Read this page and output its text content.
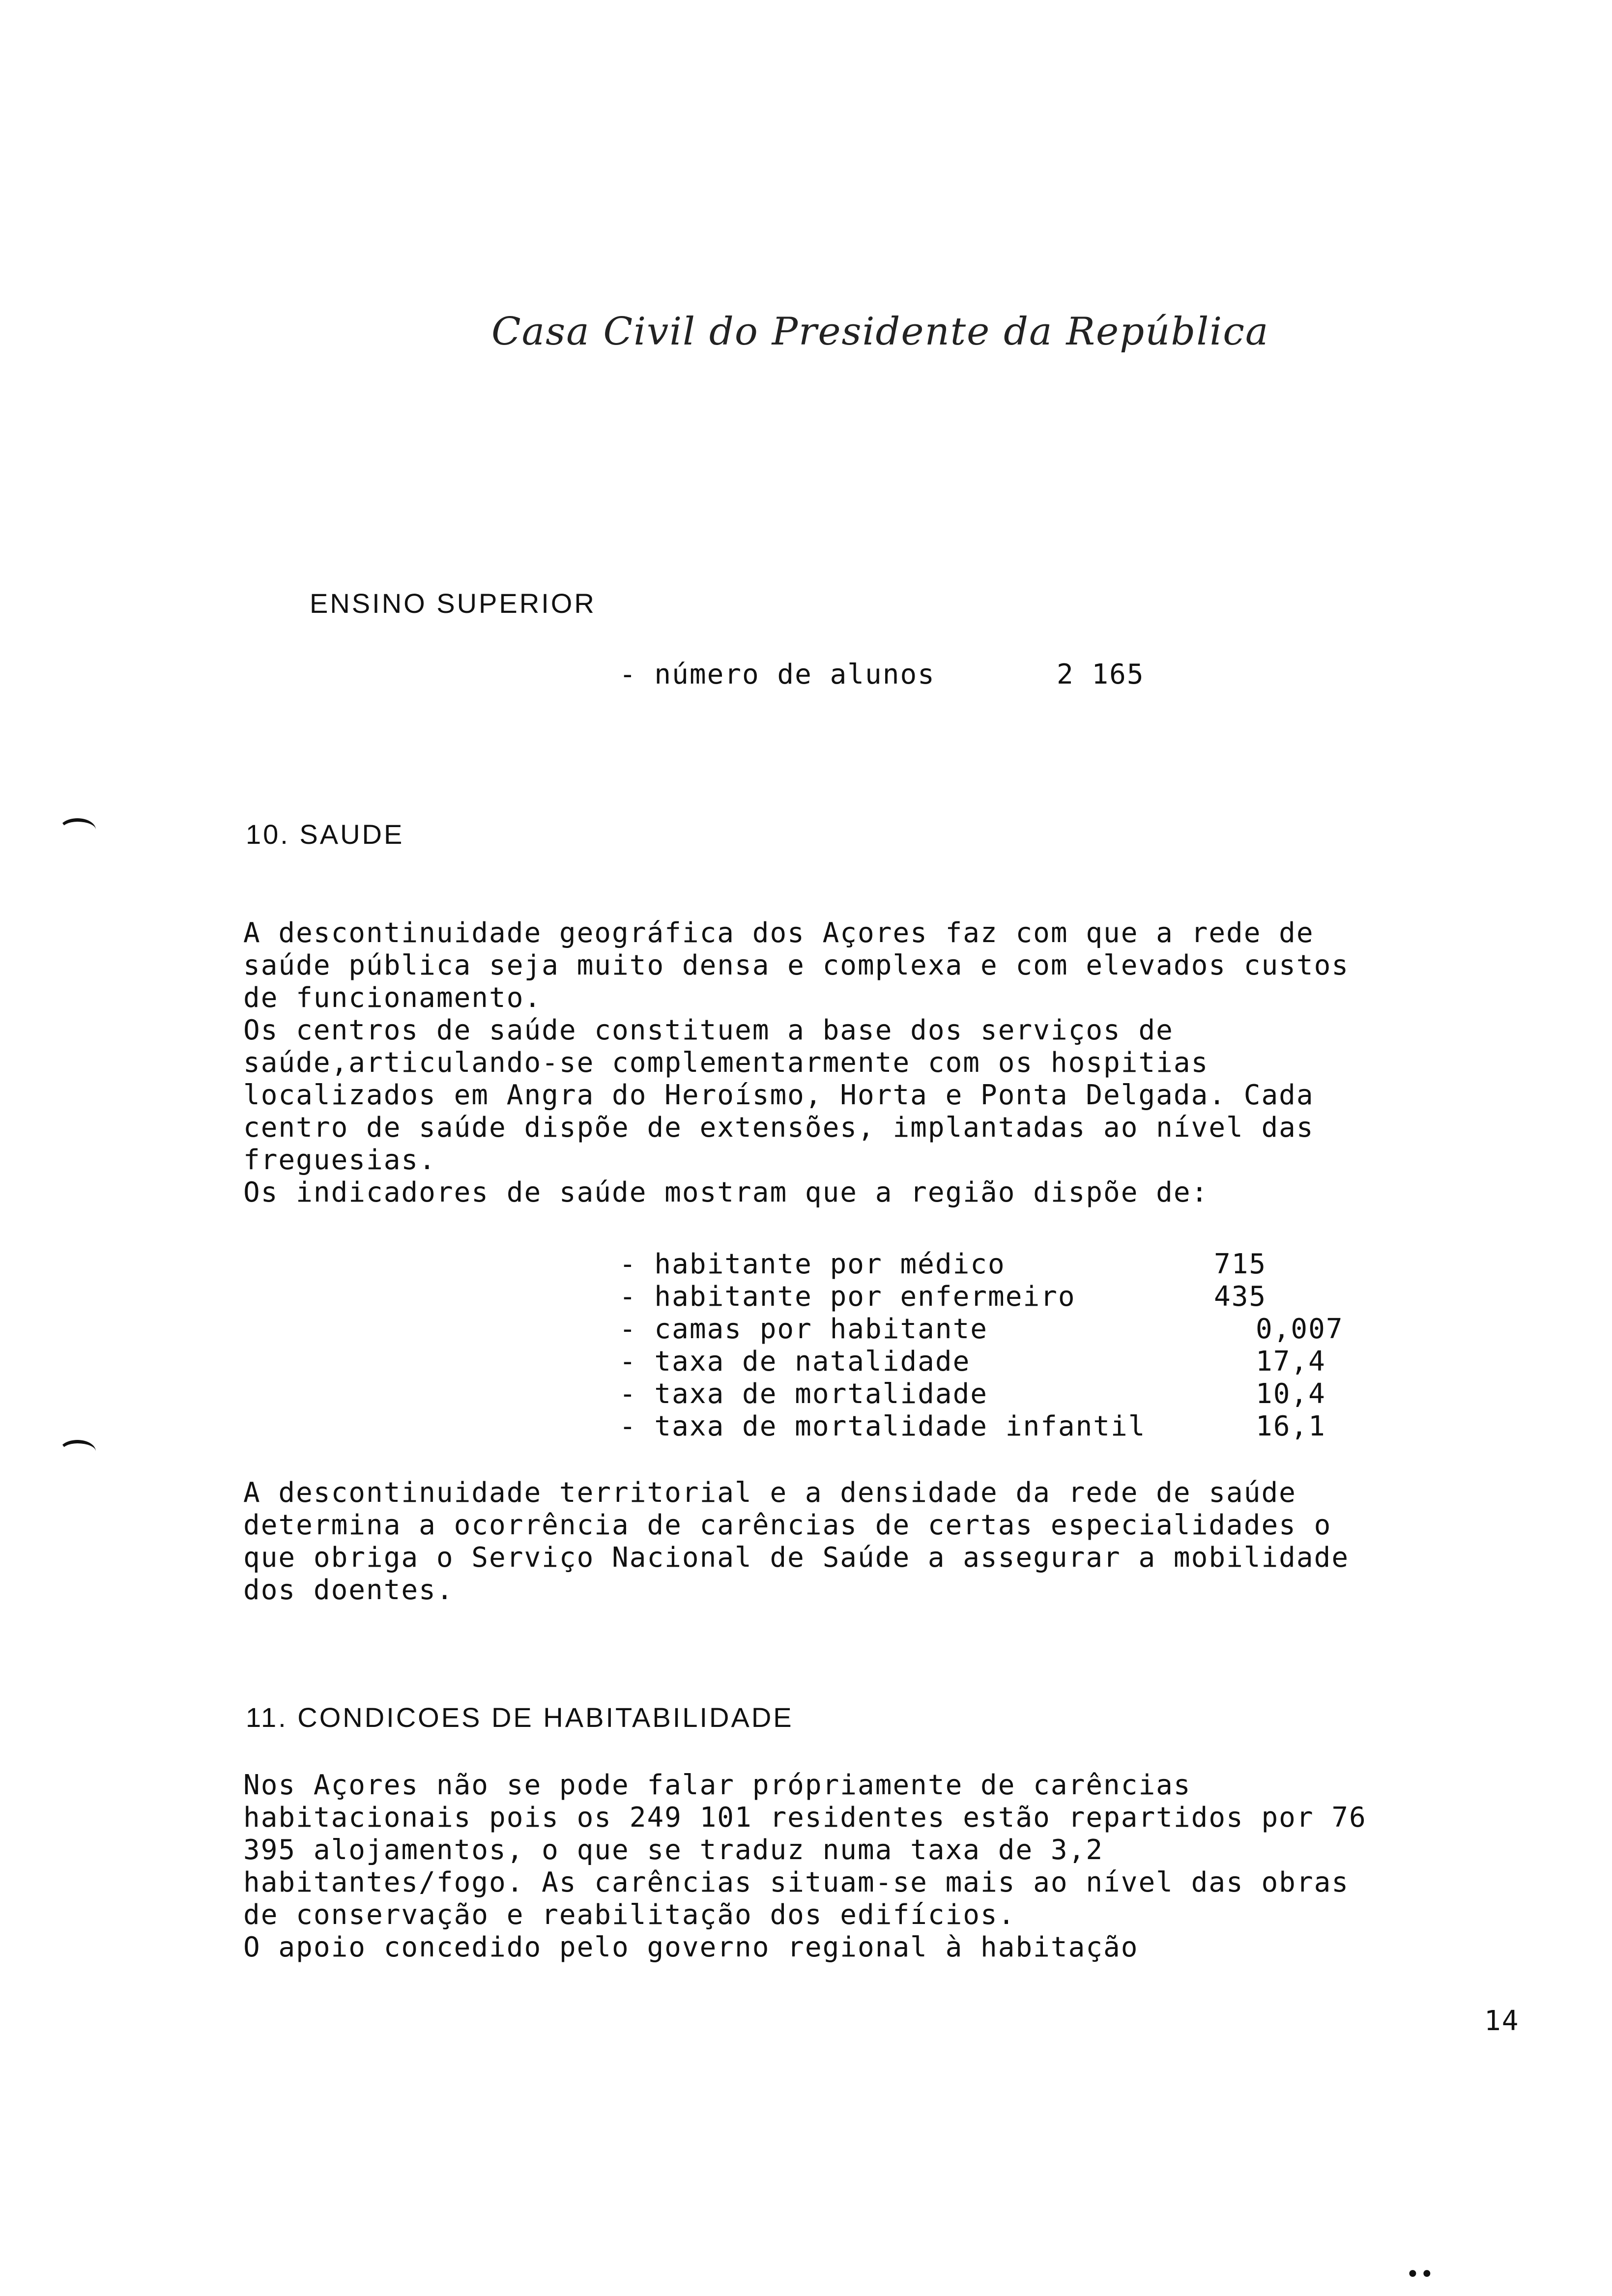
Casa Civil do Presidente da República
ENSINO SUPERIOR
- número de alunos	2 165
10. SAUDE
A descontinuidade geográfica dos Açores faz com que a rede de
saúde pública seja muito densa e complexa e com elevados custos
de funcionamento.
Os centros de saúde constituem a base dos serviços de
saúde,articulando-se complementarmente com os hospitias
localizados em Angra do Heroísmo, Horta e Ponta Delgada. Cada
centro de saúde dispõe de extensões, implantadas ao nível das
freguesias.
Os indicadores de saúde mostram que a região dispõe de:
- habitante por médico	715
- habitante por enfermeiro	435
- camas por habitante	0,007
- taxa de natalidade	17,4
- taxa de mortalidade	10,4
- taxa de mortalidade infantil	16,1
A descontinuidade territorial e a densidade da rede de saúde
determina a ocorrência de carências de certas especialidades o
que obriga o Serviço Nacional de Saúde a assegurar a mobilidade
dos doentes.
11. CONDICOES DE HABITABILIDADE
Nos Açores não se pode falar própriamente de carências
habitacionais pois os 249 101 residentes estão repartidos por 76
395 alojamentos, o que se traduz numa taxa de 3,2
habitantes/fogo. As carências situam-se mais ao nível das obras
de conservação e reabilitação dos edifícios.
O apoio concedido pelo governo regional à habitação
14
••
